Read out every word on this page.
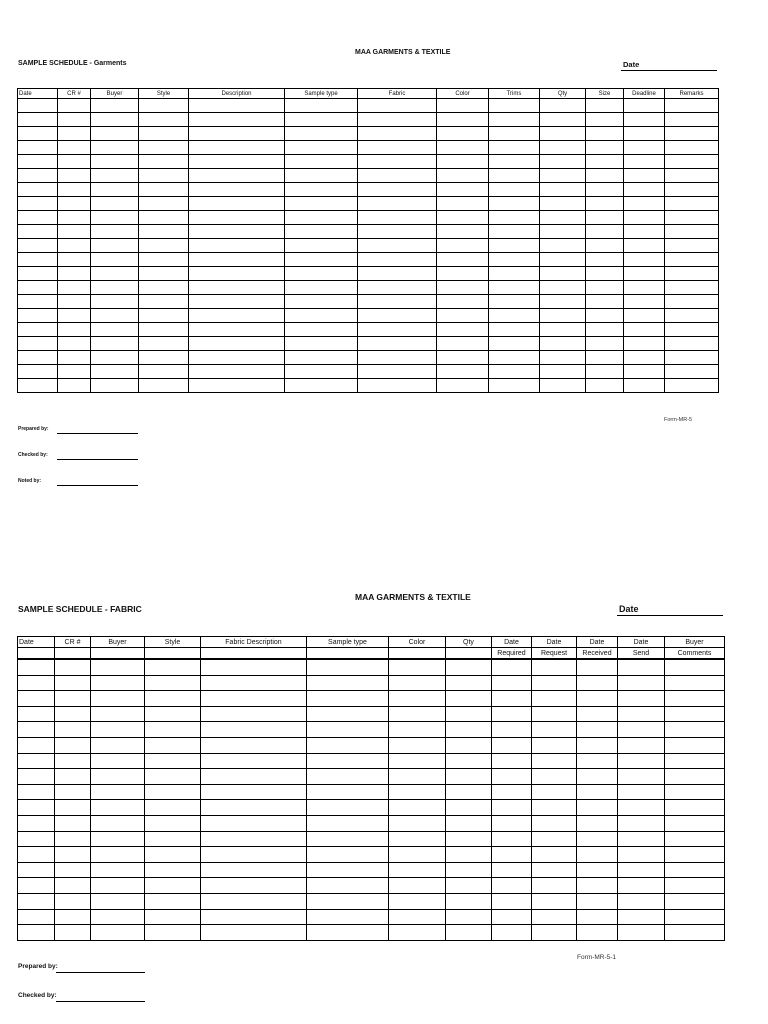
MAA GARMENTS & TEXTILE
SAMPLE SCHEDULE - Garments	Date
Date	CR #	Buyer	Style	Description	Sample type	Fabric	Color	Trims	Qty	Size	Deadline	Remarks

Form-MR-5
Prepared by:
Checked by:
Noted by:
MAA GARMENTS & TEXTILE
SAMPLE SCHEDULE - FABRIC	Date
Date	CR #	Buyer	Style	Fabric Description	Sample type	Color	Qty	Date	Date	Date	Date	Buyer
								Required	Request	Received	Send	Comments

Form-MR-5-1
Prepared by:
Checked by:
